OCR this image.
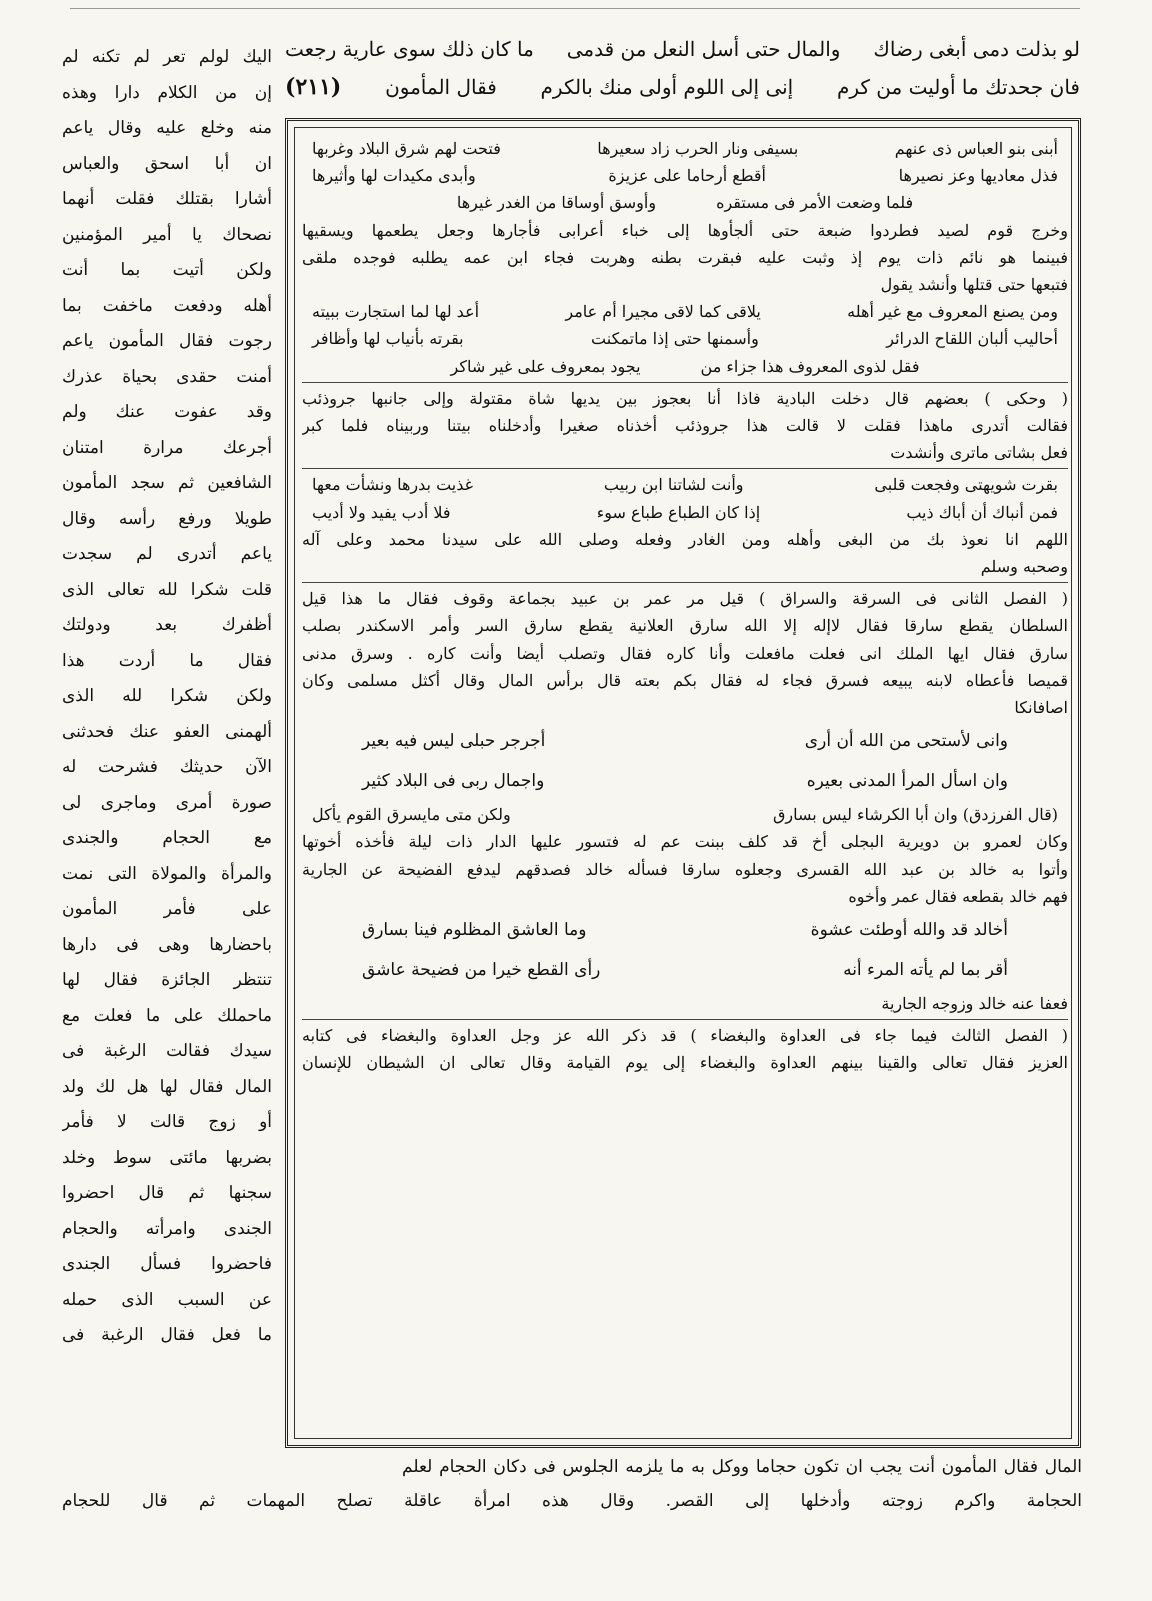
لو بذلت دمى أبغى رضاك
والمال حتى أسل النعل من قدمى
ما كان ذلك سوى عارية رجعت
فان جحدتك ما أوليت من كرم
إنى إلى اللوم أولى منك بالكرم
فقال المأمون
(٢١١)
اليك لولم تعر لم تكنه لم
إن من الكلام دارا وهذه
منه وخلع عليه وقال ياعم
ان أبا اسحق والعباس
أشارا بقتلك فقلت أنهما
نصحاك يا أمير المؤمنين
ولكن أتيت بما أنت
أهله ودفعت ماخفت بما
رجوت فقال المأمون ياعم
أمنت حقدى بحياة عذرك
وقد عفوت عنك ولم
أجرعك مرارة امتنان
الشافعين ثم سجد المأمون
طويلا ورفع رأسه وقال
ياعم أتدرى لم سجدت
قلت شكرا لله تعالى الذى
أظفرك بعد ودولتك
فقال ما أردت هذا
ولكن شكرا لله الذى
ألهمنى العفو عنك فحدثنى
الآن حديثك فشرحت له
صورة أمرى وماجرى لى
مع الحجام والجندى
والمرأة والمولاة التى نمت
على فأمر المأمون
باحضارها وهى فى دارها
تنتظر الجائزة فقال لها
ماحملك على ما فعلت مع
سيدك فقالت الرغبة فى
المال فقال لها هل لك ولد
أو زوج قالت لا فأمر
بضربها مائتى سوط وخلد
سجنها ثم قال احضروا
الجندى وامرأته والحجام
فاحضروا فسأل الجندى
عن السبب الذى حمله
ما فعل فقال الرغبة فى
أبنى بنو العباس ذى عنهم
بسيفى ونار الحرب زاد سعيرها
فتحت لهم شرق البلاد وغربها
فذل معاديها وعز نصيرها
أقطع أرحاما على عزيزة
وأبدى مكيدات لها وأثيرها
فلما وضعت الأمر فى مستقره
وأوسق أوساقا من الغدر غيرها
وخرج قوم لصيد فطردوا ضبعة حتى ألجأوها إلى خباء أعرابى فأجارها وجعل يطعمها ويسقيها
فبينما هو نائم ذات يوم إذ وثبت عليه فبقرت بطنه وهربت فجاء ابن عمه يطلبه فوجده ملقى
فتبعها حتى قتلها وأنشد يقول
ومن يصنع المعروف مع غير أهله
يلاقى كما لاقى مجيرا أم عامر
أعد لها لما استجارت ببيته
أحاليب ألبان اللقاح الدرائر
وأسمنها حتى إذا ماتمكنت
بقرته بأنياب لها وأظافر
فقل لذوى المعروف هذا جزاء من
يجود بمعروف على غير شاكر
( وحكى ) بعضهم قال دخلت البادية فاذا أنا بعجوز بين يديها شاة مقتولة وإلى جانبها جروذئب
فقالت أتدرى ماهذا فقلت لا قالت هذا جروذئب أخذناه صغيرا وأدخلناه بيتنا وربيناه فلما كبر
فعل بشاتى ماترى وأنشدت
بقرت شويهتى وفجعت قلبى
وأنت لشاتنا ابن ربيب
غذيت بدرها ونشأت معها
فمن أنباك أن أباك ذيب
إذا كان الطباع طباع سوء
فلا أدب يفيد ولا أديب
اللهم انا نعوذ بك من البغى وأهله ومن الغادر وفعله وصلى الله على سيدنا محمد وعلى آله
وصحبه وسلم
( الفصل الثانى فى السرقة والسراق ) قيل مر عمر بن عبيد بجماعة وقوف فقال ما هذا قيل
السلطان يقطع سارقا فقال لاإله إلا الله سارق العلانية يقطع سارق السر وأمر الاسكندر بصلب
سارق فقال ايها الملك انى فعلت مافعلت وأنا كاره فقال وتصلب أيضا وأنت كاره . وسرق مدنى
قميصا فأعطاه لابنه يبيعه فسرق فجاء له فقال بكم بعته قال برأس المال وقال أكثل مسلمى وكان
اصافانكا
وانى لأستحى من الله أن أرى
أجرجر حبلى ليس فيه بعير
وان اسأل المرأ المدنى بعيره
واجمال ربى فى البلاد كثير
(قال الفرزدق) وان أبا الكرشاء ليس بسارق
ولكن متى مايسرق القوم يأكل
وكان لعمرو بن دويرية البجلى أخ قد كلف ببنت عم له فتسور عليها الدار ذات ليلة فأخذه أخوتها
وأتوا به خالد بن عبد الله القسرى وجعلوه سارقا فسأله خالد فصدقهم ليدفع الفضيحة عن الجارية
فهم خالد بقطعه فقال عمر وأخوه
أخالد قد والله أوطئت عشوة
وما العاشق المظلوم فينا بسارق
أقر بما لم يأته المرء أنه
رأى القطع خيرا من فضيحة عاشق
فعفا عنه خالد وزوجه الجارية
( الفصل الثالث فيما جاء فى العداوة والبغضاء ) قد ذكر الله عز وجل العداوة والبغضاء فى كتابه
العزيز فقال تعالى والقينا بينهم العداوة والبغضاء إلى يوم القيامة وقال تعالى ان الشيطان للإنسان
المال فقال المأمون أنت يجب ان تكون حجاما ووكل به ما يلزمه الجلوس فى دكان الحجام لعلم
الحجامة واكرم زوجته وأدخلها إلى القصر. وقال هذه امرأة عاقلة تصلح المهمات ثم قال للحجام
